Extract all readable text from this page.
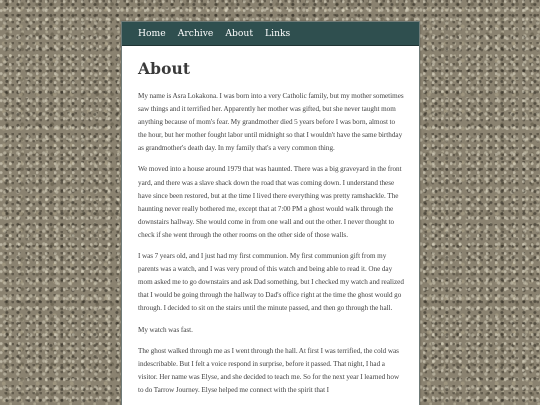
Home Archive About Links
About

My name is Asra Lokakona. I was born into a very Catholic family, but my mother sometimes saw things and it terrified her. Apparently her mother was gifted, but she never taught mom anything because of mom's fear. My grandmother died 5 years before I was born, almost to the hour, but her mother fought labor until midnight so that I wouldn't have the same birthday as grandmother's death day. In my family that's a very common thing.

We moved into a house around 1979 that was haunted. There was a big graveyard in the front yard, and there was a slave shack down the road that was coming down. I understand these have since been restored, but at the time I lived there everything was pretty ramshackle. The haunting never really bothered me, except that at 7:00 PM a ghost would walk through the downstairs hallway. She would come in from one wall and out the other. I never thought to check if she went through the other rooms on the other side of those walls.

I was 7 years old, and I just had my first communion. My first communion gift from my parents was a watch, and I was very proud of this watch and being able to read it. One day mom asked me to go downstairs and ask Dad something, but I checked my watch and realized that I would be going through the hallway to Dad's office right at the time the ghost would go through. I decided to sit on the stairs until the minute passed, and then go through the hall.

My watch was fast.

The ghost walked through me as I went through the hall. At first I was terrified, the cold was indescribable. But I felt a voice respond in surprise, before it passed. That night, I had a visitor. Her name was Elyse, and she decided to teach me. So for the next year I learned how to do Tarrow Journey. Elyse helped me connect with the spirit that I
